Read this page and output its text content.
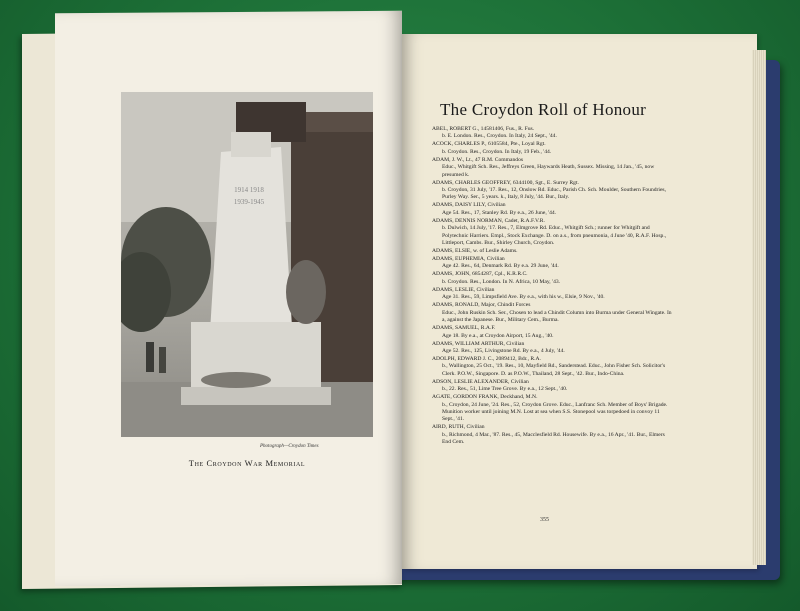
1914 1918
1939-1945
Photograph—Croydon Times
The Croydon War Memorial
The Croydon Roll of Honour
ABEL, ROBERT G., 14581406, Fus., R. Fus.
b. E. London. Res., Croydon. In Italy, 24 Sept., '44.
ACOCK, CHARLES P., 6105584, Pte., Loyal Rgt.
b. Croydon. Res., Croydon. In Italy, 19 Feb., '44.
ADAM, J. W., Lt., 47 R.M. Commandos
Educ., Whitgift Sch. Res., Jeffreys Green, Haywards Heath, Sussex. Missing, 14 Jan., '45, now presumed k.
ADAMS, CHARLES GEOFFREY, 6344100, Sgt., E. Surrey Rgt.
b. Croydon, 31 July, '17. Res., 12, Onslow Rd. Educ., Parish Ch. Sch. Moulder, Southern Foundries, Purley Way. Ser., 5 years. k., Italy, 8 July, '44. Bur., Italy.
ADAMS, DAISY LILY, Civilian
Age 54. Res., 17, Stanley Rd. By e.a., 26 June, '44.
ADAMS, DENNIS NORMAN, Cadet, R.A.F.V.R.
b. Dulwich, 14 July, '17. Res., 7, Elmgrove Rd. Educ., Whitgift Sch.; runner for Whitgift and Polytechnic Harriers. Empl., Stock Exchange. D. on a.s., from pneumonia, 4 June '40, R.A.F. Hosp., Littleport, Cambs. Bur., Shirley Church, Croydon.
ADAMS, ELSIE, w. of Leslie Adams.
ADAMS, EUPHEMIA, Civilian
Age 42. Res., 64, Denmark Rd. By e.a. 29 June, '44.
ADAMS, JOHN, 6854287, Cpl., K.R.R.C.
b. Croydon. Res., London. In N. Africa, 10 May, '43.
ADAMS, LESLIE, Civilian
Age 31. Res., 59, Limpsfield Ave. By e.a., with his w., Elsie, 9 Nov., '40.
ADAMS, RONALD, Major, Chindit Forces
Educ., John Ruskin Sch. Ser., Chosen to lead a Chindit Column into Burma under General Wingate. In a, against the Japanese. Bur., Military Cem., Burma.
ADAMS, SAMUEL, R.A.F.
Age 18. By e.a., at Croydon Airport, 15 Aug., '40.
ADAMS, WILLIAM ARTHUR, Civilian
Age 52. Res., 125, Livingstone Rd. By e.a., 4 July, '44.
ADOLPH, EDWARD J. C., 2089412, Bdr., R.A.
b., Wallington, 25 Oct., '19. Res., 10, Mayfield Rd., Sanderstead. Educ., John Fisher Sch. Solicitor's Clerk. P.O.W., Singapore. D. as P.O.W., Thailand, 28 Sept., '42. Bur., Indo-China.
ADSON, LESLIE ALEXANDER, Civilian
b., 22. Res., 51, Lime Tree Grove. By e.a., 12 Sept., '40.
AGATE, GORDON FRANK, Deckhand, M.N.
b., Croydon, 24 June, '24. Res., 52, Croydon Grove. Educ., Lanfranc Sch. Member of Boys' Brigade. Munition worker until joining M.N. Lost at sea when S.S. Stonepool was torpedoed in convoy 11 Sept., '41.
AIRD, RUTH, Civilian
b., Richmond, 4 Mar., '87. Res., 45, Macclesfield Rd. Housewife. By e.a., 16 Apr., '41. Bur., Elmers End Cem.
355
